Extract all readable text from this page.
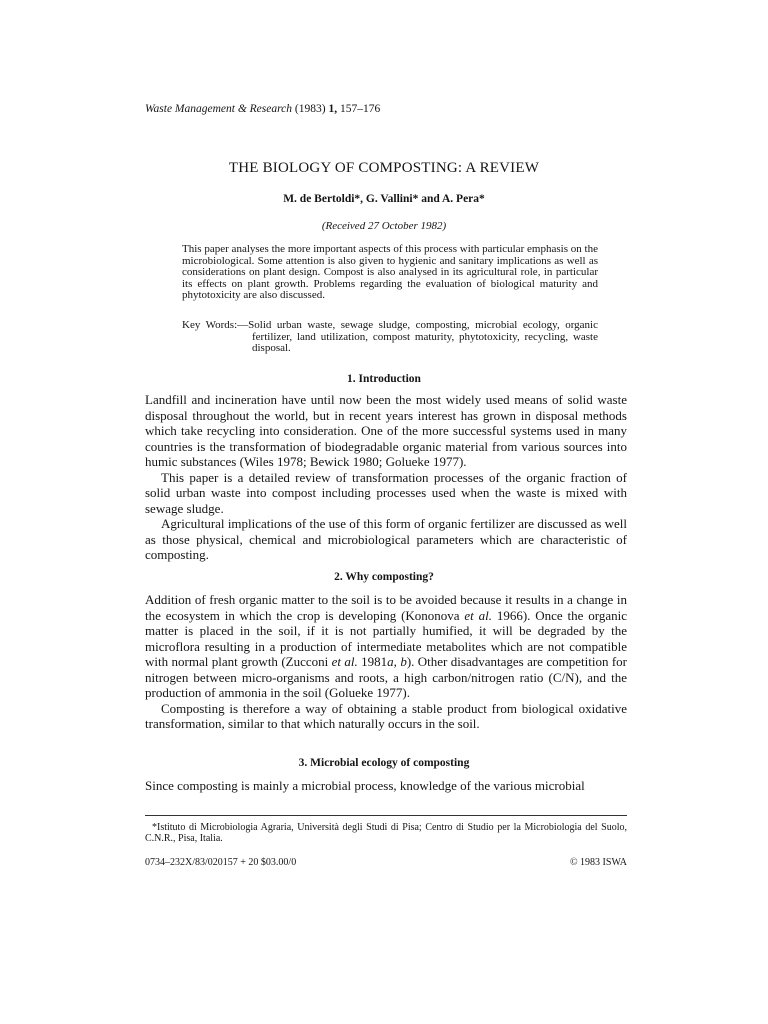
Waste Management & Research (1983) 1, 157–176
THE BIOLOGY OF COMPOSTING: A REVIEW
M. de Bertoldi*, G. Vallini* and A. Pera*
(Received 27 October 1982)

This paper analyses the more important aspects of this process with particular emphasis on the microbiological. Some attention is also given to hygienic and sanitary implications as well as considerations on plant design. Compost is also analysed in its agricultural role, in particular its effects on plant growth. Problems regarding the evaluation of biological maturity and phytotoxicity are also discussed.

Key Words:—Solid urban waste, sewage sludge, composting, microbial ecology, organic fertilizer, land utilization, compost maturity, phytotoxicity, recycling, waste disposal.

1. Introduction

Landfill and incineration have until now been the most widely used means of solid waste disposal throughout the world, but in recent years interest has grown in disposal methods which take recycling into consideration. One of the more successful systems used in many countries is the transformation of biodegradable organic material from various sources into humic substances (Wiles 1978; Bewick 1980; Golueke 1977).

This paper is a detailed review of transformation processes of the organic fraction of solid urban waste into compost including processes used when the waste is mixed with sewage sludge.

Agricultural implications of the use of this form of organic fertilizer are discussed as well as those physical, chemical and microbiological parameters which are characteristic of composting.

2. Why composting?

Addition of fresh organic matter to the soil is to be avoided because it results in a change in the ecosystem in which the crop is developing (Kononova et al. 1966). Once the organic matter is placed in the soil, if it is not partially humified, it will be degraded by the microflora resulting in a production of intermediate metabolites which are not compatible with normal plant growth (Zucconi et al. 1981a, b). Other disadvantages are competition for nitrogen between micro-organisms and roots, a high carbon/nitrogen ratio (C/N), and the production of ammonia in the soil (Golueke 1977).

Composting is therefore a way of obtaining a stable product from biological oxidative transformation, similar to that which naturally occurs in the soil.

3. Microbial ecology of composting

Since composting is mainly a microbial process, knowledge of the various microbial

*Istituto di Microbiologia Agraria, Università degli Studi di Pisa; Centro di Studio per la Microbiologia del Suolo, C.N.R., Pisa, Italia.

0734–232X/83/020157 + 20 $03.00/0	© 1983 ISWA
